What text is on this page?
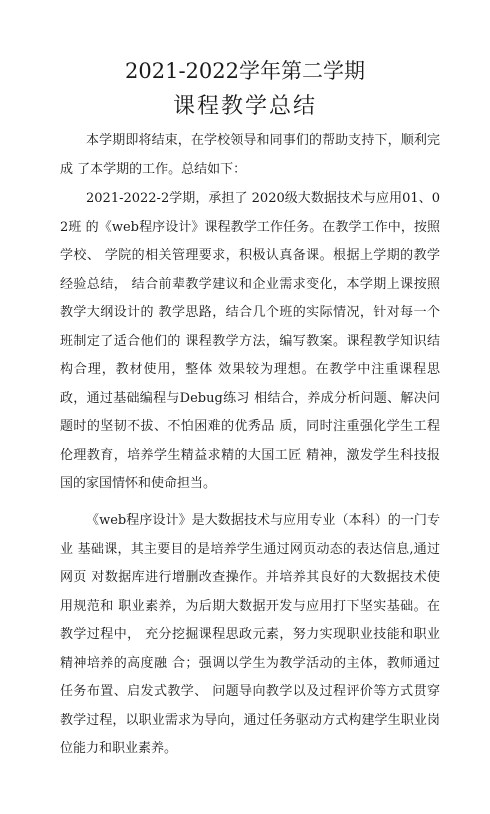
2021-2022学年第二学期
课程教学总结

本学期即将结束，在学校领导和同事们的帮助支持下，顺利完成 了本学期的工作。总结如下：

2021-2022-2学期，承担了 2020级大数据技术与应用01、02班 的《web程序设计》课程教学工作任务。在教学工作中，按照学校、 学院的相关管理要求，积极认真备课。根据上学期的教学经验总结， 结合前辈教学建议和企业需求变化，本学期上课按照教学大纲设计的 教学思路，结合几个班的实际情况，针对每一个班制定了适合他们的 课程教学方法，编写教案。课程教学知识结构合理，教材使用，整体 效果较为理想。在教学中注重课程思政，通过基础编程与Debug练习 相结合，养成分析问题、解决问题时的坚韧不拔、不怕困难的优秀品 质，同时注重强化学生工程伦理教育，培养学生精益求精的大国工匠 精神，激发学生科技报国的家国情怀和使命担当。

《web程序设计》是大数据技术与应用专业（本科）的一门专业 基础课，其主要目的是培养学生通过网页动态的表达信息,通过网页 对数据库进行增删改查操作。并培养其良好的大数据技术使用规范和 职业素养，为后期大数据开发与应用打下坚实基础。在教学过程中， 充分挖掘课程思政元素，努力实现职业技能和职业精神培养的高度融 合；强调以学生为教学活动的主体，教师通过任务布置、启发式教学、 问题导向教学以及过程评价等方式贯穿教学过程，以职业需求为导向，通过任务驱动方式构建学生职业岗位能力和职业素养。
